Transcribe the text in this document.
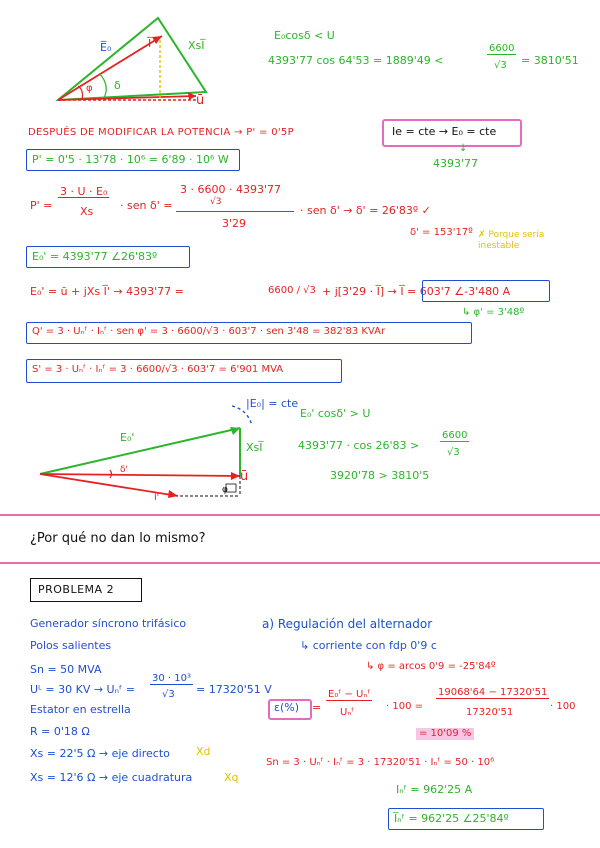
E̅₀	I̅	XsI̅
φ δ
ū
E₀cosδ < U
4393'77 cos 64'53 = 1889'49 <
6600
√3 = 3810'51
DESPUÉS DE MODIFICAR LA POTENCIA → P' = 0'5P	Ie = cte → E₀ = cte
↓
4393'77
P' = 0'5 · 13'78 · 10⁶ = 6'89 · 10⁶ W
P' =
3 · U · E₀
Xs · sen δ' =
3 · 6600 · 4393'77
√3
3'29
· sen δ' → δ' = 26'83º ✓
δ' = 153'17º ✗ Porque sería inestable
E₀' = 4393'77 ∠26'83º
E₀' = ū + jXs I̅' → 4393'77 =	6600 / √3 + j[3'29 · I̅] → I̅ = 603'7 ∠-3'480 A
↳ φ' = 3'48º
Q' = 3 · Uₙᶠ · Iₙᶠ · sen φ' = 3 · 6600/√3 · 603'7 · sen 3'48 = 382'83 KVAr
S' = 3 · Uₙᶠ · Iₙᶠ = 3 · 6600/√3 · 603'7 = 6'901 MVA
|E₀| = cte
E₀'
XsI̅
ū
I̅'
δ'
φ
E₀' cosδ' > U
4393'77 · cos 26'83 >
6600
√3
3920'78 > 3810'5
¿Por qué no dan lo mismo?
PROBLEMA 2
Generador síncrono trifásico
Polos salientes
Sn = 50 MVA
Uᴸ = 30 KV → Uₙᶠ =
30 · 10³
√3 = 17320'51 V
Estator en estrella
R = 0'18 Ω
Xs = 22'5 Ω → eje directo Xd
Xs = 12'6 Ω → eje cuadratura	Xq
a) Regulación del alternador
↳ corriente con fdp 0'9 c
↳ φ = arcos 0'9 = -25'84º
ε(%) =
E₀ᶠ − Uₙᶠ
Uₙᶠ
· 100 =
19068'64 − 17320'51
17320'51
· 100
= 10'09 %
Sn = 3 · Uₙᶠ · Iₙᶠ = 3 · 17320'51 · Iₙᶠ = 50 · 10⁶
Iₙᶠ = 962'25 A
I̅ₙᶠ = 962'25 ∠25'84º
